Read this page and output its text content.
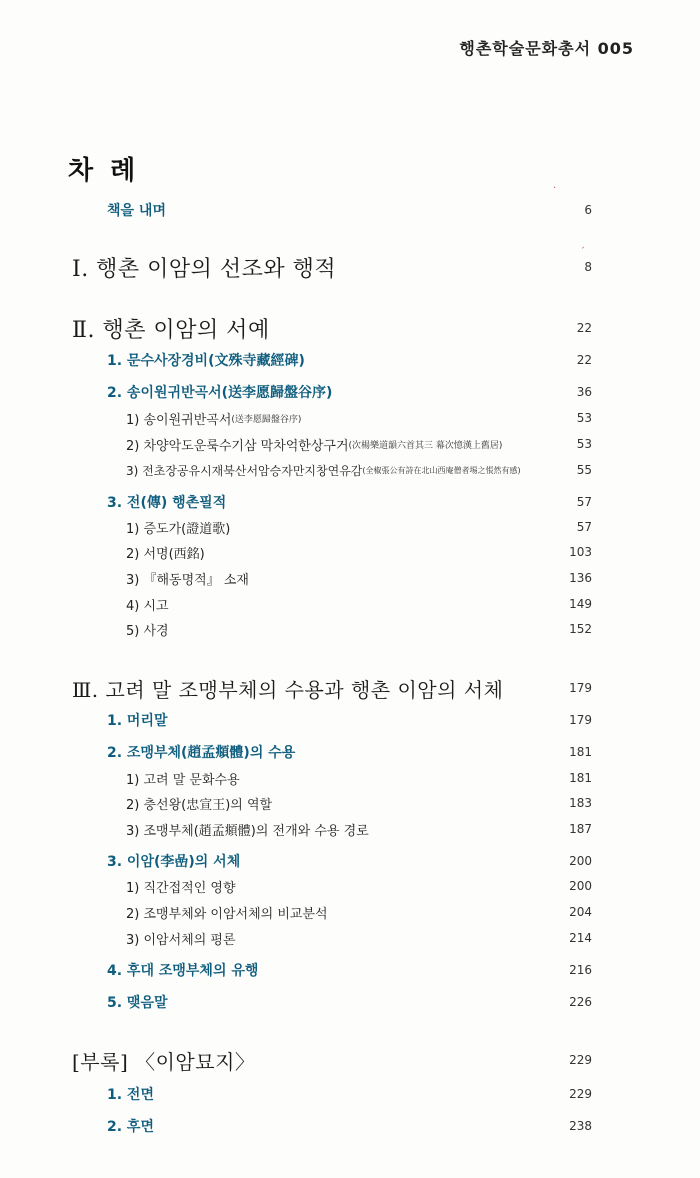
행촌학술문화총서 005
차 례
책을 내며	6
Ⅰ. 행촌 이암의 선조와 행적	8
Ⅱ. 행촌 이암의 서예	22
1. 문수사장경비(文殊寺藏經碑)	22
2. 송이원귀반곡서(送李愿歸盤谷序)	36
1) 송이원귀반곡서 (送李愿歸盤谷序)	53
2) 차양악도운룩수기삼 막차억한상구거 (次楊樂道韻六首其三 幕次憶漢上舊居)	53
3) 전초장공유시재북산서암승자만지창연유감 (全椒張公有詩在北山西庵僧者埸之悵然有感)	55
3. 전(傳) 행촌필적	57
1) 증도가(證道歌)	57
2) 서명(西銘)	103
3) 『해동명적』 소재	136
4) 시고	149
5) 사경	152
Ⅲ. 고려 말 조맹부체의 수용과 행촌 이암의 서체	179
1. 머리말	179
2. 조맹부체(趙孟頫體)의 수용	181
1) 고려 말 문화수용	181
2) 충선왕(忠宣王)의 역할	183
3) 조맹부체(趙孟頫體)의 전개와 수용 경로	187
3. 이암(李嵒)의 서체	200
1) 직간접적인 영향	200
2) 조맹부체와 이암서체의 비교분석	204
3) 이암서체의 평론	214
4. 후대 조맹부체의 유행	216
5. 맺음말	226
[부록] 〈이암묘지〉	229
1. 전면	229
2. 후면	238
·
ˏ
